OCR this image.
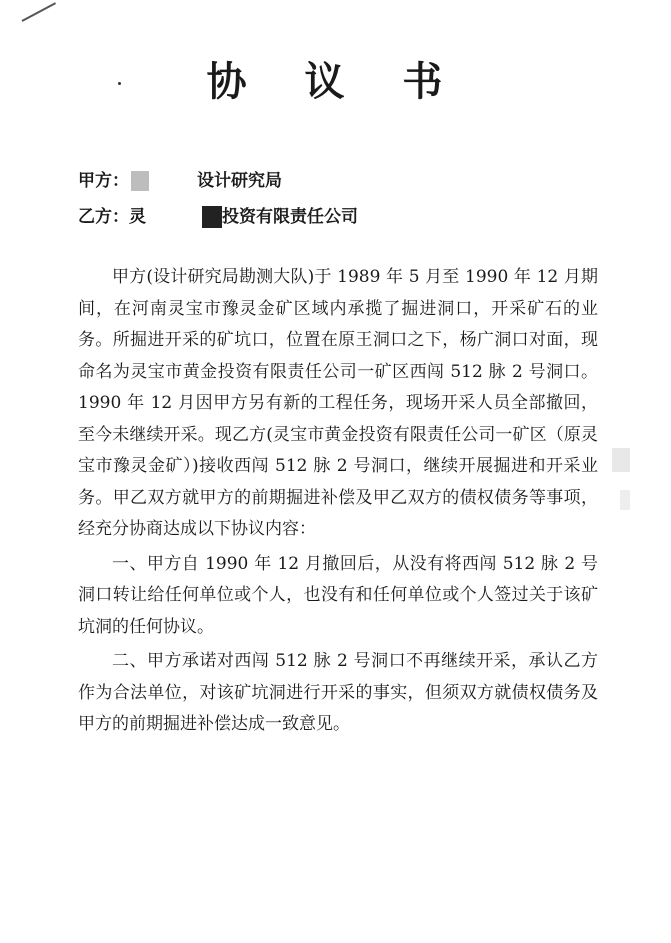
协 议 书
甲方：	设计研究局
乙方：灵	投资有限责任公司

甲方(设计研究局勘测大队)于 1989 年 5 月至 1990 年 12 月期间，在河南灵宝市豫灵金矿区域内承揽了掘进洞口，开采矿石的业务。所掘进开采的矿坑口，位置在原王洞口之下，杨广洞口对面，现命名为灵宝市黄金投资有限责任公司一矿区西闯 512 脉 2 号洞口。1990 年 12 月因甲方另有新的工程任务，现场开采人员全部撤回，至今未继续开采。现乙方(灵宝市黄金投资有限责任公司一矿区（原灵宝市豫灵金矿）)接收西闯 512 脉 2 号洞口，继续开展掘进和开采业务。甲乙双方就甲方的前期掘进补偿及甲乙双方的债权债务等事项，经充分协商达成以下协议内容：

一、甲方自 1990 年 12 月撤回后，从没有将西闯 512 脉 2 号洞口转让给任何单位或个人，也没有和任何单位或个人签过关于该矿坑洞的任何协议。

二、甲方承诺对西闯 512 脉 2 号洞口不再继续开采，承认乙方作为合法单位，对该矿坑洞进行开采的事实，但须双方就债权债务及甲方的前期掘进补偿达成一致意见。
